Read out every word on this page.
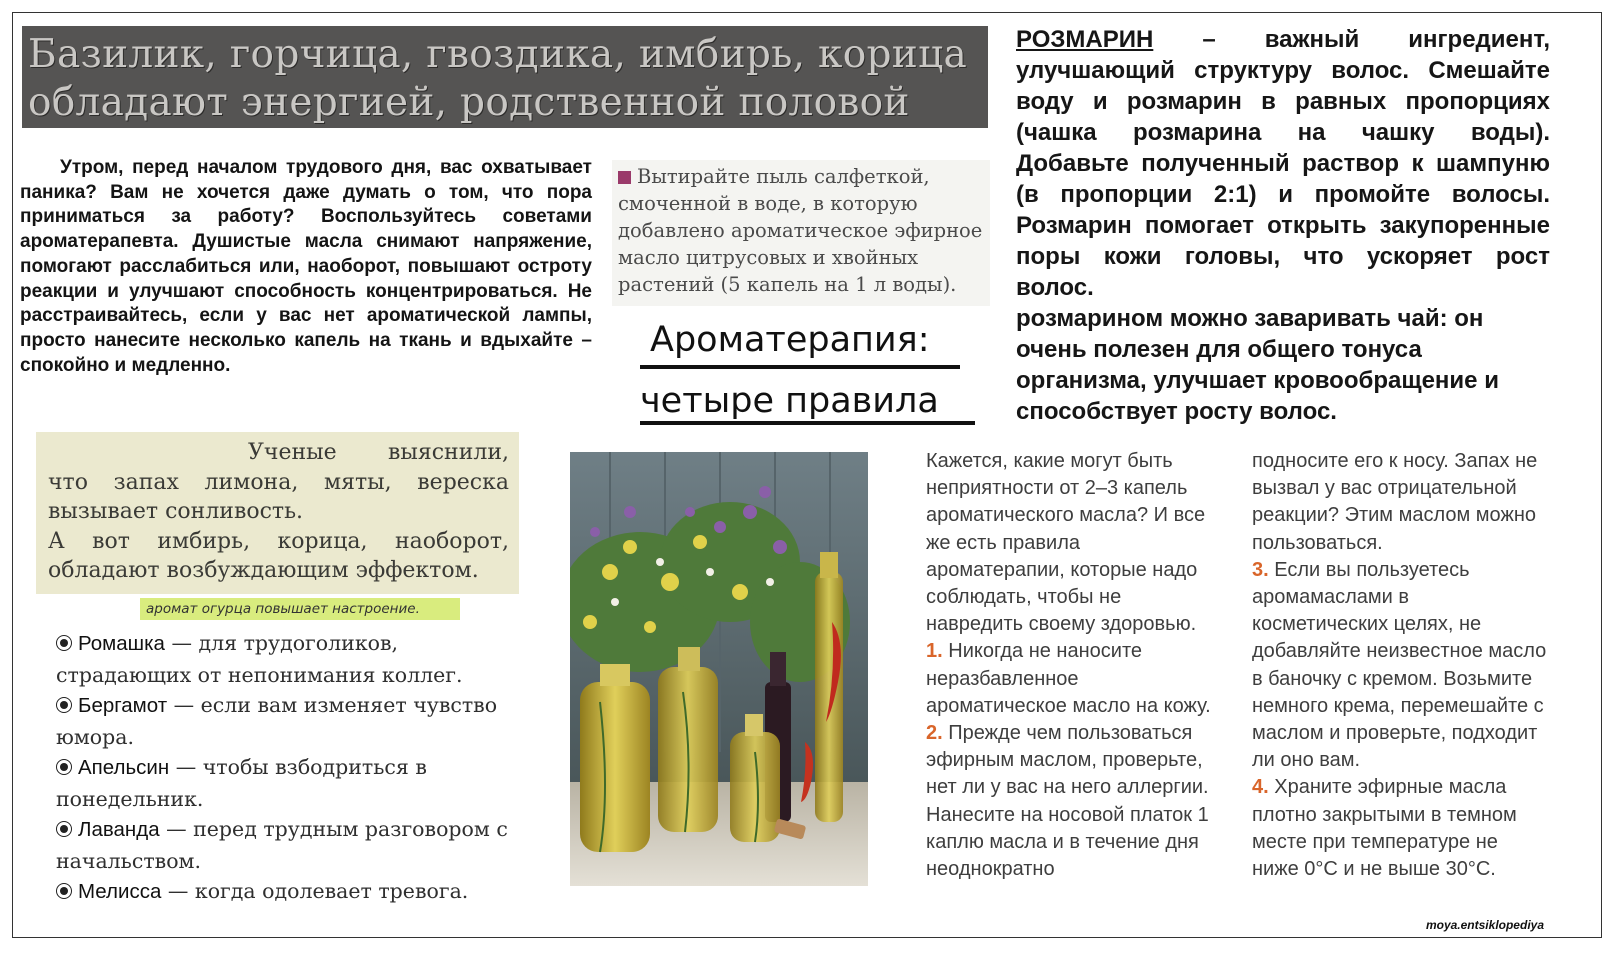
Базилик, горчица, гвоздика, имбирь, корица
обладают энергией, родственной половой
Утром, перед началом трудового дня, вас охватывает паника? Вам не хочется даже думать о том, что пора приниматься за работу? Воспользуйтесь советами ароматерапевта. Душистые масла снимают напряжение, помогают расслабиться или, наоборот, повышают остроту реакции и улучшают способность концентрироваться. Не расстраивайтесь, если у вас нет ароматической лампы, просто нанесите несколько капель на ткань и вдыхайте – спокойно и медленно.
Вытирайте пыль салфеткой, смоченной в воде, в которую добавлено ароматическое эфирное масло цитрусовых и хвойных растений (5 капель на 1 л воды).
Ароматерапия:
четыре правила
РОЗМАРИН – важный ингредиент, улучшающий структуру волос. Смешайте воду и розмарин в равных пропорциях (чашка розмарина на чашку воды). Добавьте полученный раствор к шампуню (в пропорции 2:1) и промойте волосы. Розмарин помогает открыть закупоренные поры кожи головы, что ускоряет рост волос.
розмарином можно заваривать чай: он очень полезен для общего тонуса организма, улучшает кровообращение и способствует росту волос.

Ученые выяснили, что запах лимона, мяты, вереска вызывает сонливость.

А вот имбирь, корица, наоборот, обладают возбуждающим эффектом.

аромат огурца повышает настроение.

Ромашка — для трудоголиков, страдающих от непонимания коллег.

Бергамот — если вам изменяет чувство юмора.

Апельсин — чтобы взбодриться в понедельник.

Лаванда — перед трудным разговором с начальством.

Мелисса — когда одолевает тревога.

Кажется, какие могут быть неприятности от 2–3 капель ароматического масла? И все же есть правила ароматерапии, которые надо соблюдать, чтобы не навредить своему здоровью.

1. Никогда не наносите неразбавленное ароматическое масло на кожу.

2. Прежде чем пользоваться эфирным маслом, проверьте, нет ли у вас на него аллергии. Нанесите на носовой платок 1 каплю масла и в течение дня неоднократно

подносите его к носу. Запах не вызвал у вас отрицательной реакции? Этим маслом можно пользоваться.

3. Если вы пользуетесь аромамаслами в косметических целях, не добавляйте неизвестное масло в баночку с кремом. Возьмите немного крема, перемешайте с маслом и проверьте, подходит ли оно вам.

4. Храните эфирные масла плотно закрытыми в темном месте при температуре не ниже 0°С и не выше 30°С.

moya.entsiklopediya
